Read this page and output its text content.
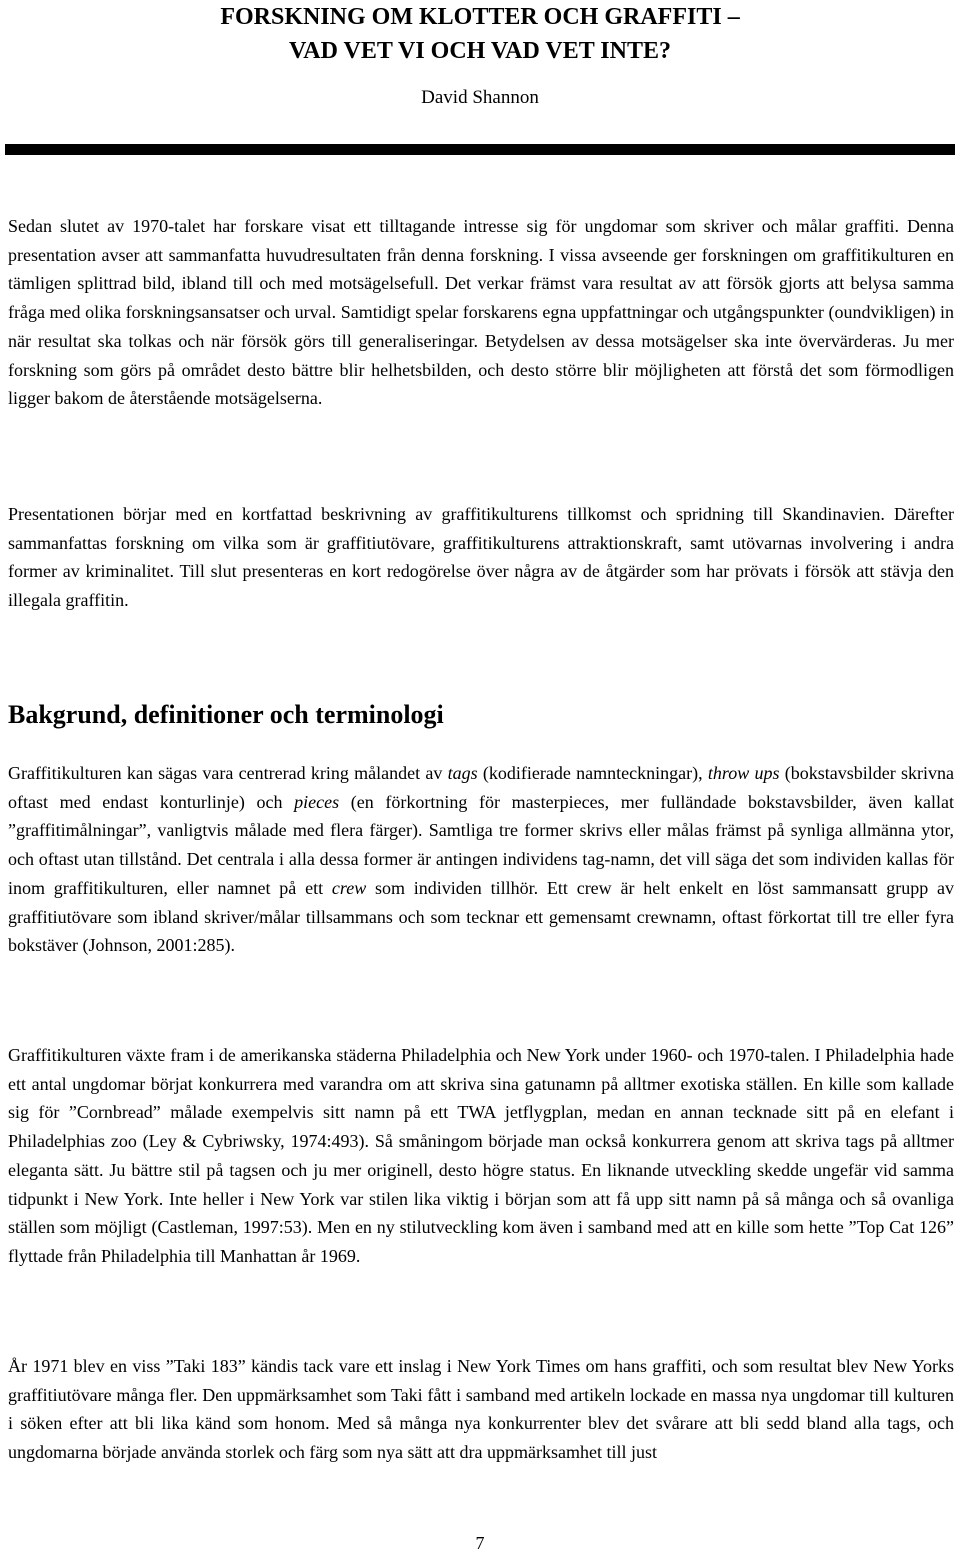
FORSKNING OM KLOTTER OCH GRAFFITI –
VAD VET VI OCH VAD VET INTE?
David Shannon

Sedan slutet av 1970-talet har forskare visat ett tilltagande intresse sig för ungdomar som skriver och målar graffiti. Denna presentation avser att sammanfatta huvudresultaten från denna forskning. I vissa avseende ger forskningen om graffitikulturen en tämligen splittrad bild, ibland till och med motsägelsefull. Det verkar främst vara resultat av att försök gjorts att belysa samma fråga med olika forskningsansatser och urval. Samtidigt spelar forskarens egna uppfattningar och utgångspunkter (oundvikligen) in när resultat ska tolkas och när försök görs till generaliseringar. Betydelsen av dessa motsägelser ska inte övervärderas. Ju mer forskning som görs på området desto bättre blir helhetsbilden, och desto större blir möjligheten att förstå det som förmodligen ligger bakom de återstående motsägelserna.

Presentationen börjar med en kortfattad beskrivning av graffitikulturens tillkomst och spridning till Skandinavien. Därefter sammanfattas forskning om vilka som är graffitiutövare, graffitikulturens attraktionskraft, samt utövarnas involvering i andra former av kriminalitet. Till slut presenteras en kort redogörelse över några av de åtgärder som har prövats i försök att stävja den illegala graffitin.

Bakgrund, definitioner och terminologi

Graffitikulturen kan sägas vara centrerad kring målandet av tags (kodifierade namnteckningar), throw ups (bokstavsbilder skrivna oftast med endast konturlinje) och pieces (en förkortning för masterpieces, mer fulländade bokstavsbilder, även kallat ”graffitimålningar”, vanligtvis målade med flera färger). Samtliga tre former skrivs eller målas främst på synliga allmänna ytor, och oftast utan tillstånd. Det centrala i alla dessa former är antingen individens tag-namn, det vill säga det som individen kallas för inom graffitikulturen, eller namnet på ett crew som individen tillhör. Ett crew är helt enkelt en löst sammansatt grupp av graffitiutövare som ibland skriver/målar tillsammans och som tecknar ett gemensamt crewnamn, oftast förkortat till tre eller fyra bokstäver (Johnson, 2001:285).

Graffitikulturen växte fram i de amerikanska städerna Philadelphia och New York under 1960- och 1970-talen. I Philadelphia hade ett antal ungdomar börjat konkurrera med varandra om att skriva sina gatunamn på alltmer exotiska ställen. En kille som kallade sig för ”Cornbread” målade exempelvis sitt namn på ett TWA jetflygplan, medan en annan tecknade sitt på en elefant i Philadelphias zoo (Ley & Cybriwsky, 1974:493). Så småningom började man också konkurrera genom att skriva tags på alltmer eleganta sätt. Ju bättre stil på tagsen och ju mer originell, desto högre status. En liknande utveckling skedde ungefär vid samma tidpunkt i New York. Inte heller i New York var stilen lika viktig i början som att få upp sitt namn på så många och så ovanliga ställen som möjligt (Castleman, 1997:53). Men en ny stilutveckling kom även i samband med att en kille som hette ”Top Cat 126” flyttade från Philadelphia till Manhattan år 1969.

År 1971 blev en viss ”Taki 183” kändis tack vare ett inslag i New York Times om hans graffiti, och som resultat blev New Yorks graffitiutövare många fler. Den uppmärksamhet som Taki fått i samband med artikeln lockade en massa nya ungdomar till kulturen i söken efter att bli lika känd som honom. Med så många nya konkurrenter blev det svårare att bli sedd bland alla tags, och ungdomarna började använda storlek och färg som nya sätt att dra uppmärksamhet till just

7
